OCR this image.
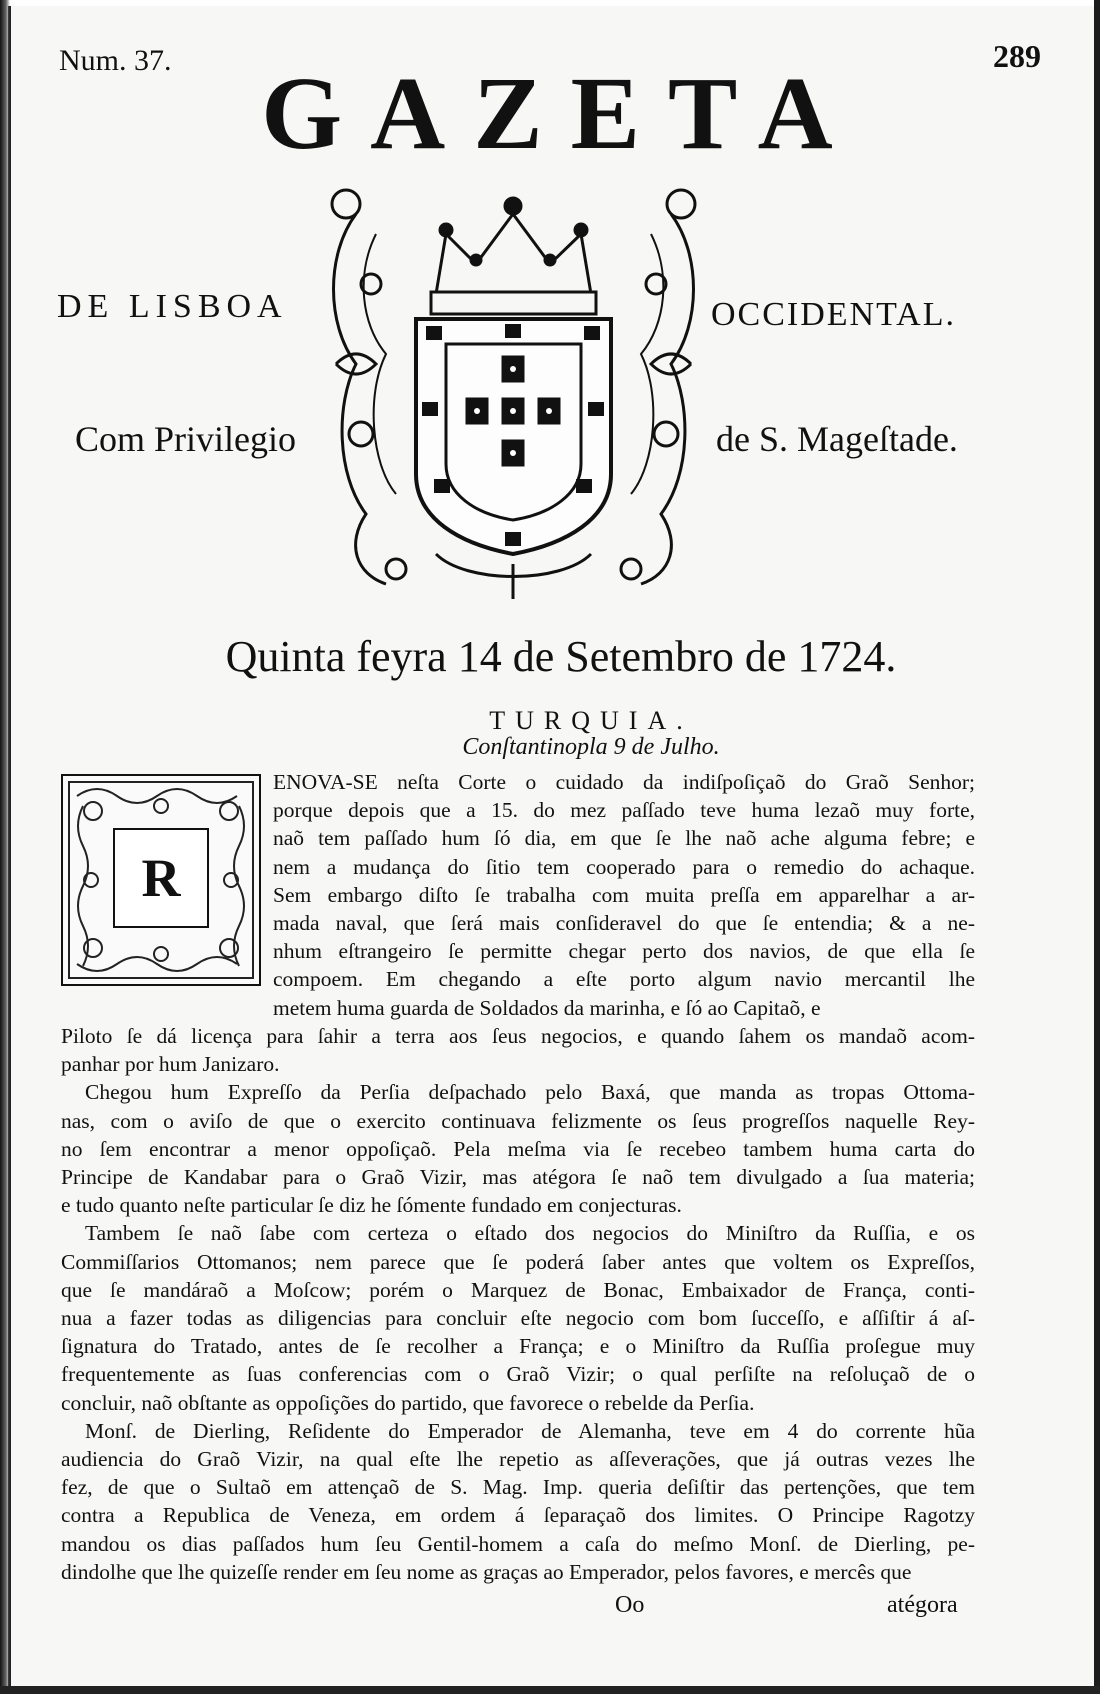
Num. 37.	289
GAZETA
DE LISBOA	OCCIDENTAL.
Com Privilegio	de S. Mageſtade.
Quinta feyra 14 de Setembro de 1724.
TURQUIA.
Conſtantinopla 9 de Julho.
R
ENOVA-SE neſta Corte o cuidado da indiſpoſiçaõ do Graõ Senhor;
porque depois que a 15. do mez paſſado teve huma lezaõ muy forte,
naõ tem paſſado hum ſó dia, em que ſe lhe naõ ache alguma febre; e
nem a mudança do ſitio tem cooperado para o remedio do achaque.
Sem embargo diſto ſe trabalha com muita preſſa em apparelhar a ar-
mada naval, que ſerá mais conſideravel do que ſe entendia; & a ne-
nhum eſtrangeiro ſe permitte chegar perto dos navios, de que ella ſe
compoem. Em chegando a eſte porto algum navio mercantil lhe
metem huma guarda de Soldados da marinha, e ſó ao Capitaõ, e
Piloto ſe dá licença para ſahir a terra aos ſeus negocios, e quando ſahem os mandaõ acom-
panhar por hum Janizaro.
Chegou hum Expreſſo da Perſia deſpachado pelo Baxá, que manda as tropas Ottoma-
nas, com o aviſo de que o exercito continuava felizmente os ſeus progreſſos naquelle Rey-
no ſem encontrar a menor oppoſiçaõ. Pela meſma via ſe recebeo tambem huma carta do
Principe de Kandabar para o Graõ Vizir, mas atégora ſe naõ tem divulgado a ſua materia;
e tudo quanto neſte particular ſe diz he ſómente fundado em conjecturas.
Tambem ſe naõ ſabe com certeza o eſtado dos negocios do Miniſtro da Ruſſia, e os
Commiſſarios Ottomanos; nem parece que ſe poderá ſaber antes que voltem os Expreſſos,
que ſe mandáraõ a Moſcow; porém o Marquez de Bonac, Embaixador de França, conti-
nua a fazer todas as diligencias para concluir eſte negocio com bom ſucceſſo, e aſſiſtir á aſ-
ſignatura do Tratado, antes de ſe recolher a França; e o Miniſtro da Ruſſia proſegue muy
frequentemente as ſuas conferencias com o Graõ Vizir; o qual perſiſte na reſoluçaõ de o
concluir, naõ obſtante as oppoſições do partido, que favorece o rebelde da Perſia.
Monſ. de Dierling, Reſidente do Emperador de Alemanha, teve em 4 do corrente hũa
audiencia do Graõ Vizir, na qual eſte lhe repetio as aſſeverações, que já outras vezes lhe
fez, de que o Sultaõ em attençaõ de S. Mag. Imp. queria deſiſtir das pertenções, que tem
contra a Republica de Veneza, em ordem á ſeparaçaõ dos limites. O Principe Ragotzy
mandou os dias paſſados hum ſeu Gentil-homem a caſa do meſmo Monſ. de Dierling, pe-
dindolhe que lhe quizeſſe render em ſeu nome as graças ao Emperador, pelos favores, e mercês que
Oo	atégora
